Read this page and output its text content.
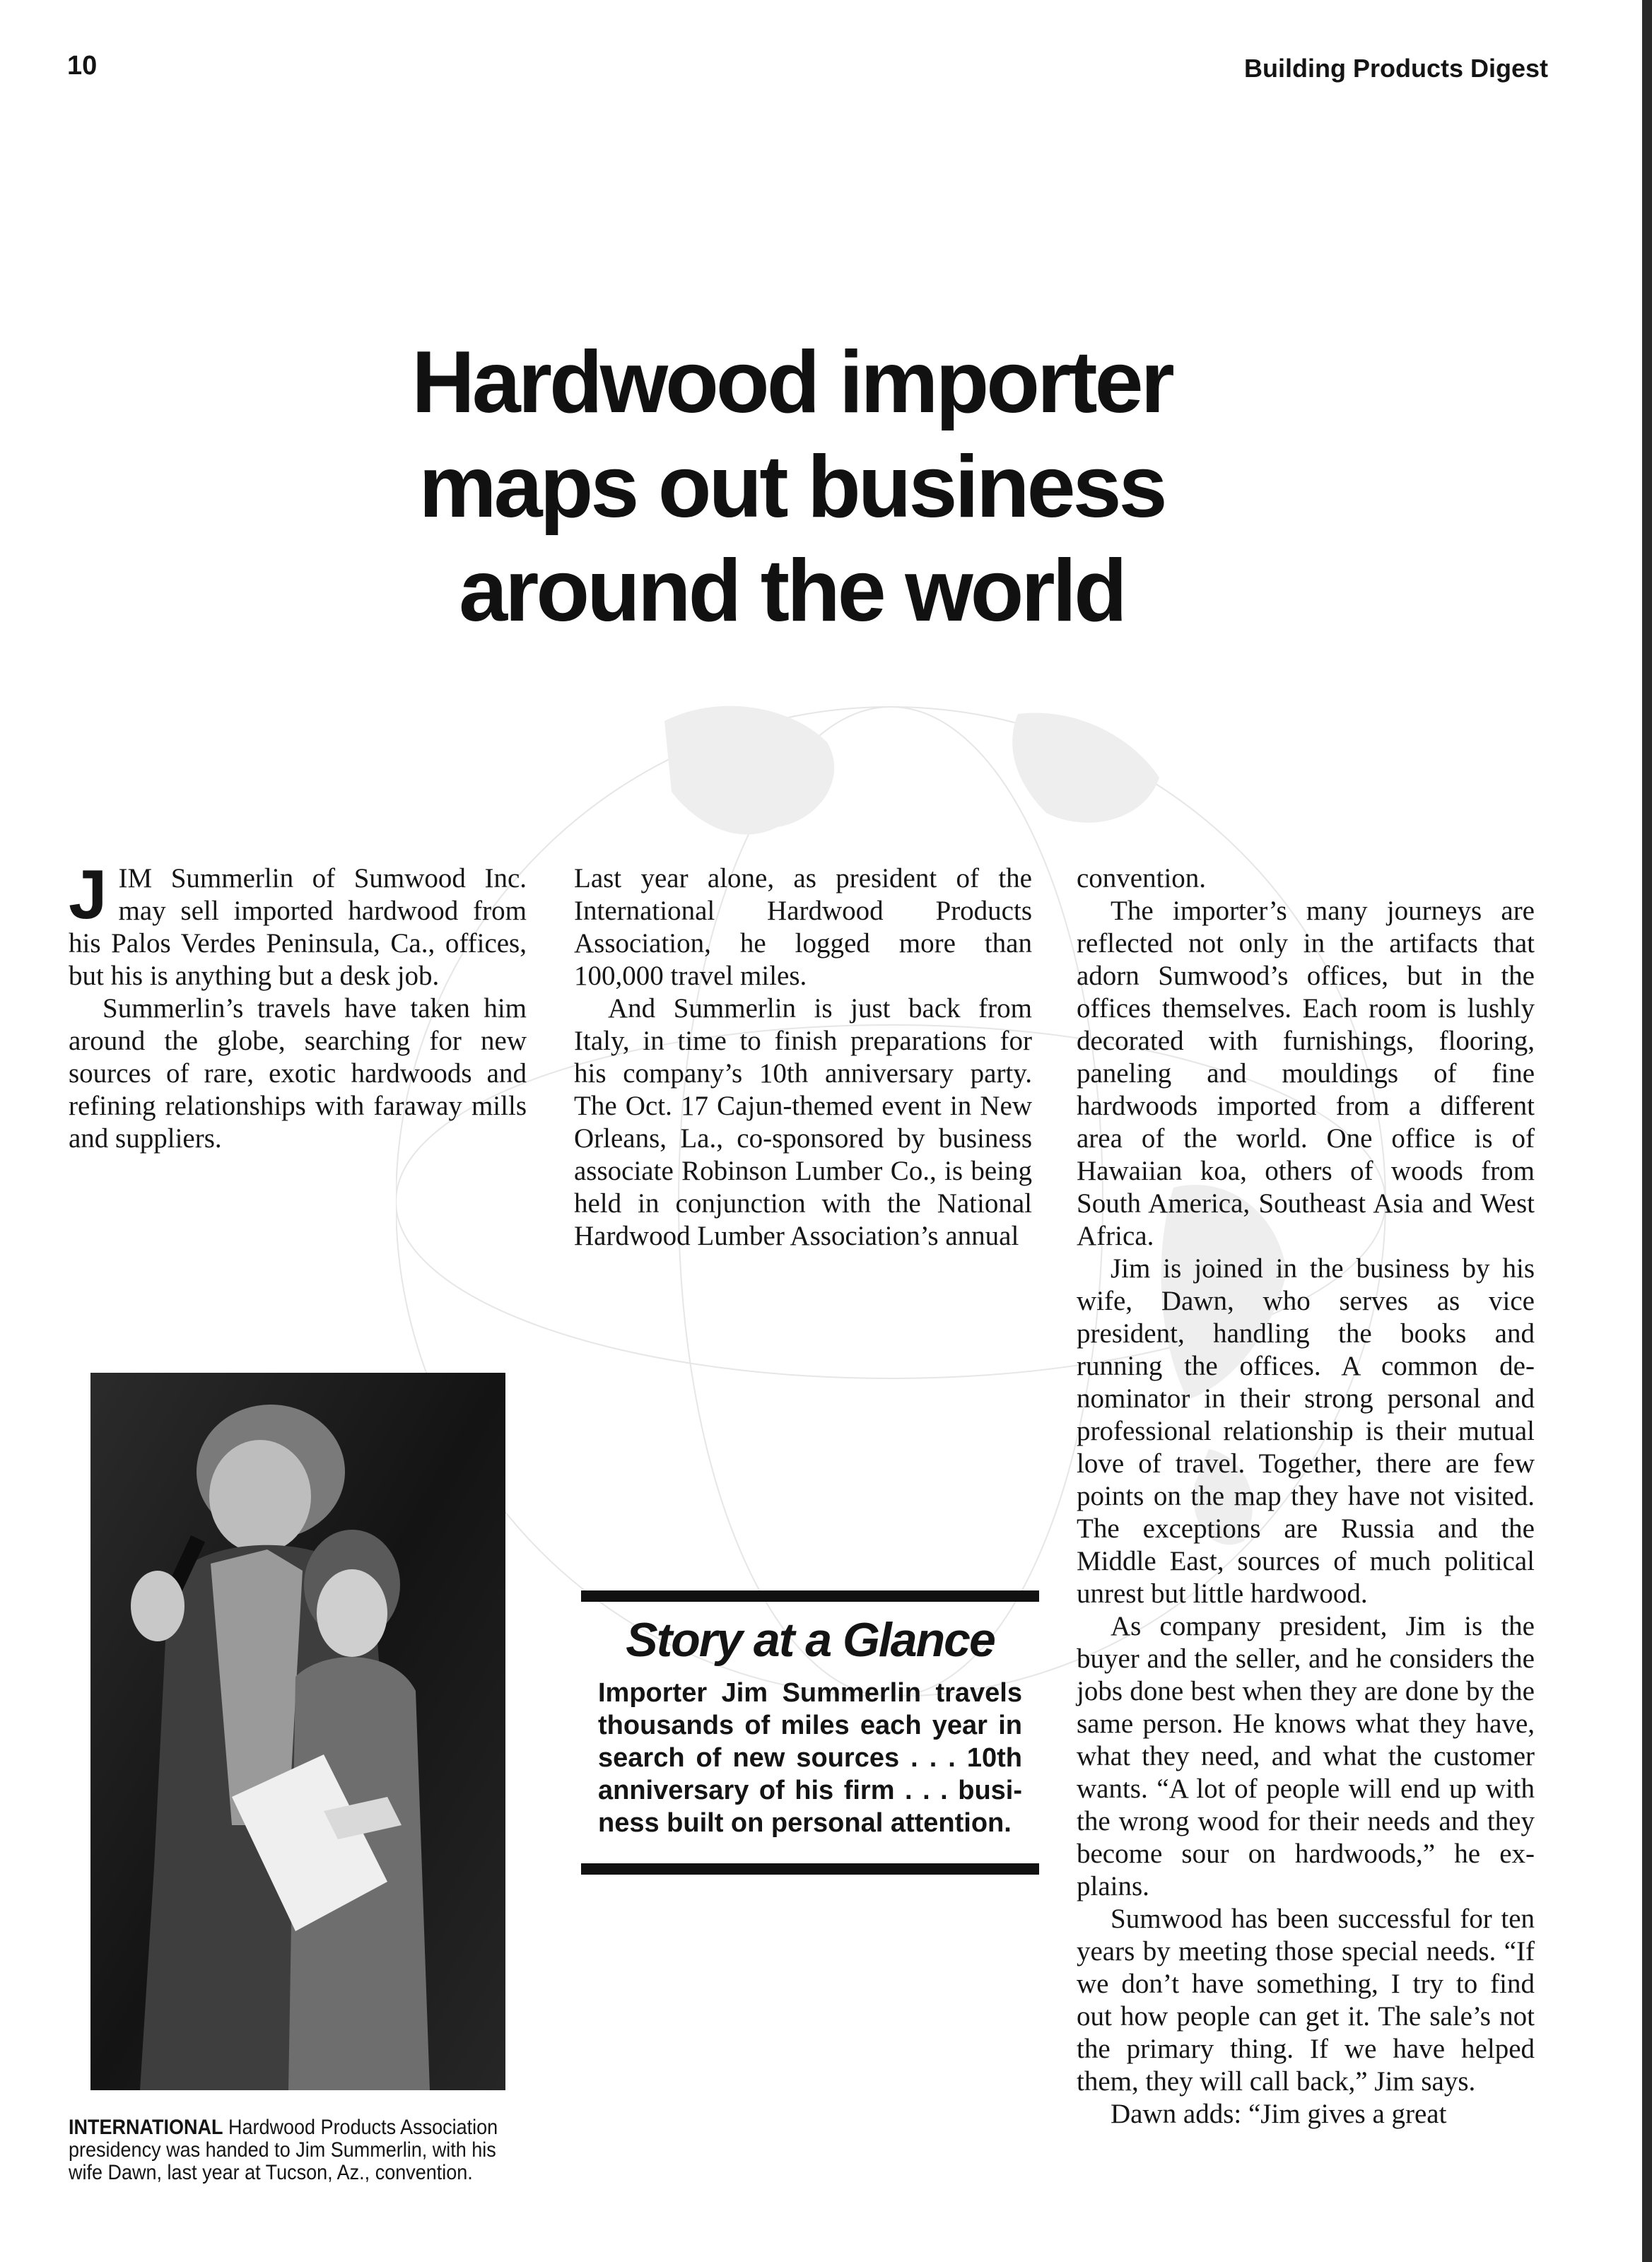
10	Building Products Digest
Hardwood importer
maps out business
around the world

JIM Summerlin of Sumwood Inc. may sell imported hardwood from his Palos Verdes Peninsula, Ca., offices, but his is anything but a desk job.

Summerlin’s travels have taken him around the globe, searching for new sources of rare, exotic hardwoods and refining relationships with faraway mills and suppliers.

Last year alone, as president of the International Hardwood Products Association, he logged more than 100,000 travel miles.

And Summerlin is just back from Italy, in time to finish preparations for his company’s 10th anniversary party. The Oct. 17 Cajun-themed event in New Orleans, La., co-sponsored by business associate Robinson Lumber Co., is being held in conjunction with the National Hardwood Lumber Association’s annual

convention.

The importer’s many journeys are reflected not only in the artifacts that adorn Sumwood’s offices, but in the offices themselves. Each room is lushly decorated with furnishings, flooring, paneling and mouldings of fine hardwoods imported from a different area of the world. One office is of Hawaiian koa, others of woods from South America, Southeast Asia and West Africa.

Jim is joined in the business by his wife, Dawn, who serves as vice president, handling the books and running the offices. A common denominator in their strong personal and professional relationship is their mutual love of travel. Together, there are few points on the map they have not visited. The exceptions are Russia and the Middle East, sources of much political unrest but little hardwood.

As company president, Jim is the buyer and the seller, and he considers the jobs done best when they are done by the same person. He knows what they have, what they need, and what the customer wants. “A lot of people will end up with the wrong wood for their needs and they become sour on hardwoods,” he explains.

Sumwood has been successful for ten years by meeting those special needs. “If we don’t have something, I try to find out how people can get it. The sale’s not the primary thing. If we have helped them, they will call back,” Jim says.

Dawn adds: “Jim gives a great

INTERNATIONAL Hardwood Products Association presidency was handed to Jim Summerlin, with his wife Dawn, last year at Tucson, Az., convention.
Story at a Glance
Importer Jim Summerlin travels thousands of miles each year in search of new sources . . . 10th anniversary of his firm . . . business built on personal attention.
